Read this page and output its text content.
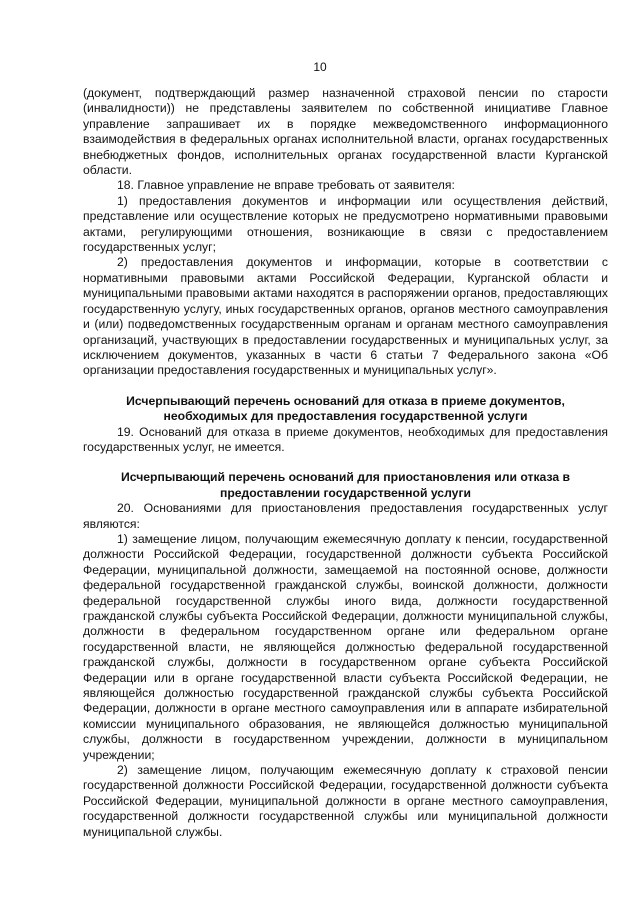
10

(документ, подтверждающий размер назначенной страховой пенсии по старости (инвалидности)) не представлены заявителем по собственной инициативе Главное управление запрашивает их в порядке межведомственного информационного взаимодействия в федеральных органах исполнительной власти, органах государственных внебюджетных фондов, исполнительных органах государственной власти Курганской области.

18. Главное управление не вправе требовать от заявителя:

1) предоставления документов и информации или осуществления действий, представление или осуществление которых не предусмотрено нормативными правовыми актами, регулирующими отношения, возникающие в связи с предоставлением государственных услуг;

2) предоставления документов и информации, которые в соответствии с нормативными правовыми актами Российской Федерации, Курганской области и муниципальными правовыми актами находятся в распоряжении органов, предоставляющих государственную услугу, иных государственных органов, органов местного самоуправления и (или) подведомственных государственным органам и органам местного самоуправления организаций, участвующих в предоставлении государственных и муниципальных услуг, за исключением документов, указанных в части 6 статьи 7 Федерального закона «Об организации предоставления государственных и муниципальных услуг».

Исчерпывающий перечень оснований для отказа в приеме документов, необходимых для предоставления государственной услуги

19. Оснований для отказа в приеме документов, необходимых для предоставления государственных услуг, не имеется.

Исчерпывающий перечень оснований для приостановления или отказа в предоставлении государственной услуги

20. Основаниями для приостановления предоставления государственных услуг являются:

1) замещение лицом, получающим ежемесячную доплату к пенсии, государственной должности Российской Федерации, государственной должности субъекта Российской Федерации, муниципальной должности, замещаемой на постоянной основе, должности федеральной государственной гражданской службы, воинской должности, должности федеральной государственной службы иного вида, должности государственной гражданской службы субъекта Российской Федерации, должности муниципальной службы, должности в федеральном государственном органе или федеральном органе государственной власти, не являющейся должностью федеральной государственной гражданской службы, должности в государственном органе субъекта Российской Федерации или в органе государственной власти субъекта Российской Федерации, не являющейся должностью государственной гражданской службы субъекта Российской Федерации, должности в органе местного самоуправления или в аппарате избирательной комиссии муниципального образования, не являющейся должностью муниципальной службы, должности в государственном учреждении, должности в муниципальном учреждении;

2) замещение лицом, получающим ежемесячную доплату к страховой пенсии государственной должности Российской Федерации, государственной должности субъекта Российской Федерации, муниципальной должности в органе местного самоуправления, государственной должности государственной службы или муниципальной должности муниципальной службы.
